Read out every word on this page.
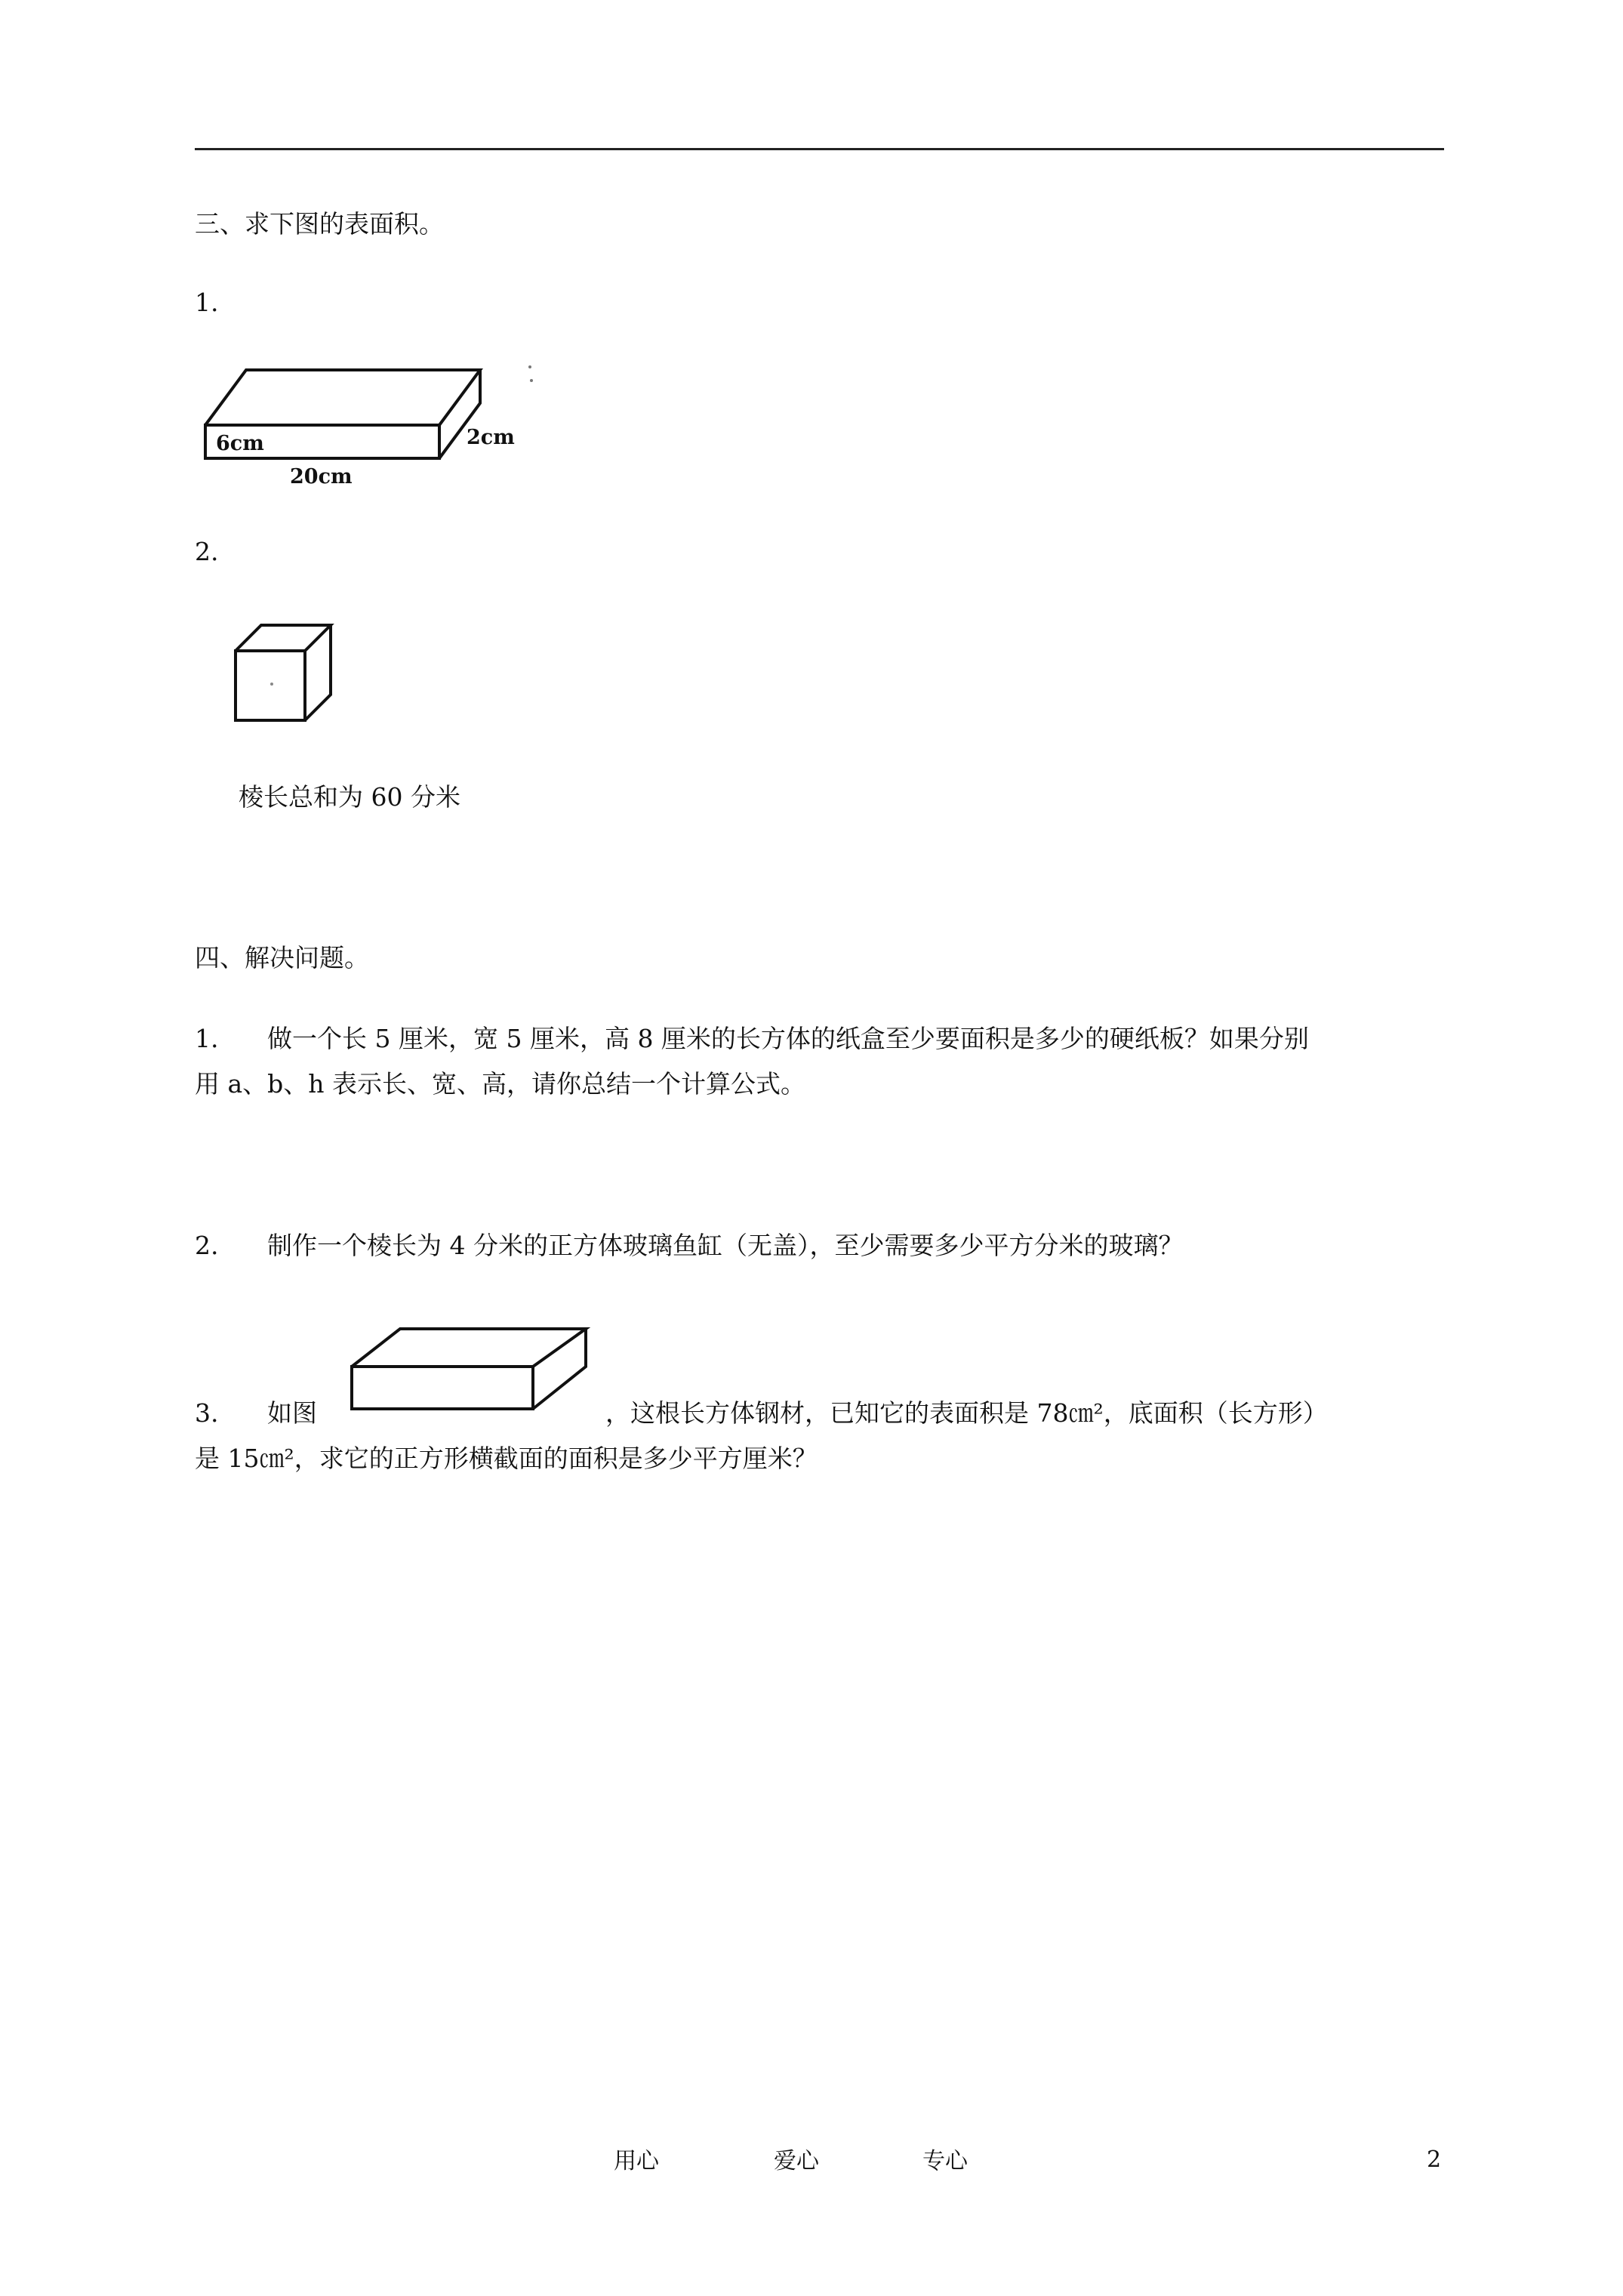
三、求下图的表面积。
1.
6cm	2cm
20cm
2.
棱长总和为 60 分米
四、解决问题。
1. 做一个长 5 厘米，宽 5 厘米，高 8 厘米的长方体的纸盒至少要面积是多少的硬纸板？如果分别
用 a、b、h 表示长、宽、高，请你总结一个计算公式。
2. 制作一个棱长为 4 分米的正方体玻璃鱼缸（无盖），至少需要多少平方分米的玻璃？
3. 如图	，这根长方体钢材，已知它的表面积是 78㎝²，底面积（长方形）
是 15㎝²，求它的正方形横截面的面积是多少平方厘米？
用心	爱心	专心	2
